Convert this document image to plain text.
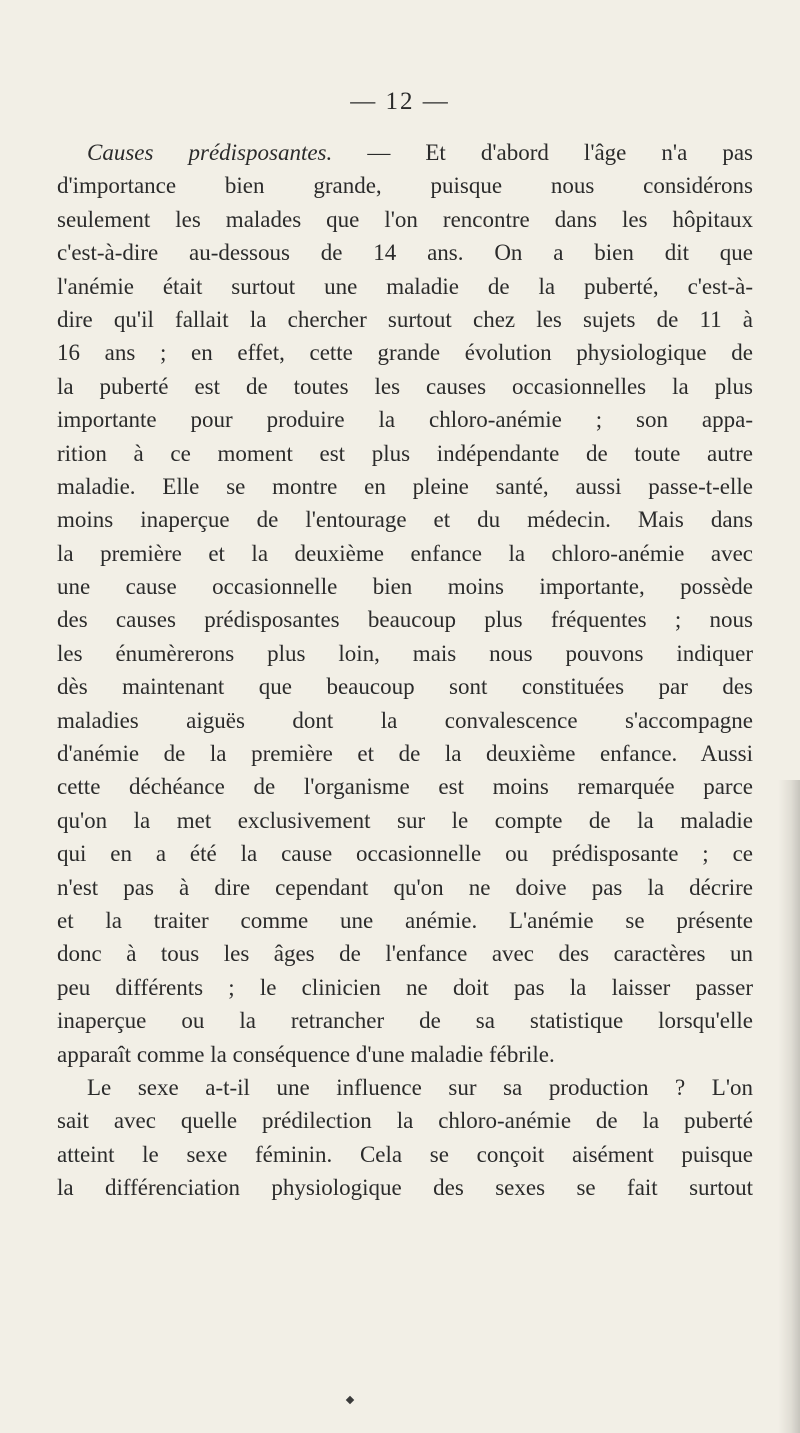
— 12 —
Causes prédisposantes. — Et d'abord l'âge n'a pas
d'importance bien grande, puisque nous considérons
seulement les malades que l'on rencontre dans les hôpitaux
c'est-à-dire au-dessous de 14 ans. On a bien dit que
l'anémie était surtout une maladie de la puberté, c'est-à-
dire qu'il fallait la chercher surtout chez les sujets de 11 à
16 ans ; en effet, cette grande évolution physiologique de
la puberté est de toutes les causes occasionnelles la plus
importante pour produire la chloro-anémie ; son appa-
rition à ce moment est plus indépendante de toute autre
maladie. Elle se montre en pleine santé, aussi passe-t-elle
moins inaperçue de l'entourage et du médecin. Mais dans
la première et la deuxième enfance la chloro-anémie avec
une cause occasionnelle bien moins importante, possède
des causes prédisposantes beaucoup plus fréquentes ; nous
les énumèrerons plus loin, mais nous pouvons indiquer
dès maintenant que beaucoup sont constituées par des
maladies aiguës dont la convalescence s'accompagne
d'anémie de la première et de la deuxième enfance. Aussi
cette déchéance de l'organisme est moins remarquée parce
qu'on la met exclusivement sur le compte de la maladie
qui en a été la cause occasionnelle ou prédisposante ; ce
n'est pas à dire cependant qu'on ne doive pas la décrire
et la traiter comme une anémie. L'anémie se présente
donc à tous les âges de l'enfance avec des caractères un
peu différents ; le clinicien ne doit pas la laisser passer
inaperçue ou la retrancher de sa statistique lorsqu'elle
apparaît comme la conséquence d'une maladie fébrile.
Le sexe a-t-il une influence sur sa production ? L'on
sait avec quelle prédilection la chloro-anémie de la puberté
atteint le sexe féminin. Cela se conçoit aisément puisque
la différenciation physiologique des sexes se fait surtout
